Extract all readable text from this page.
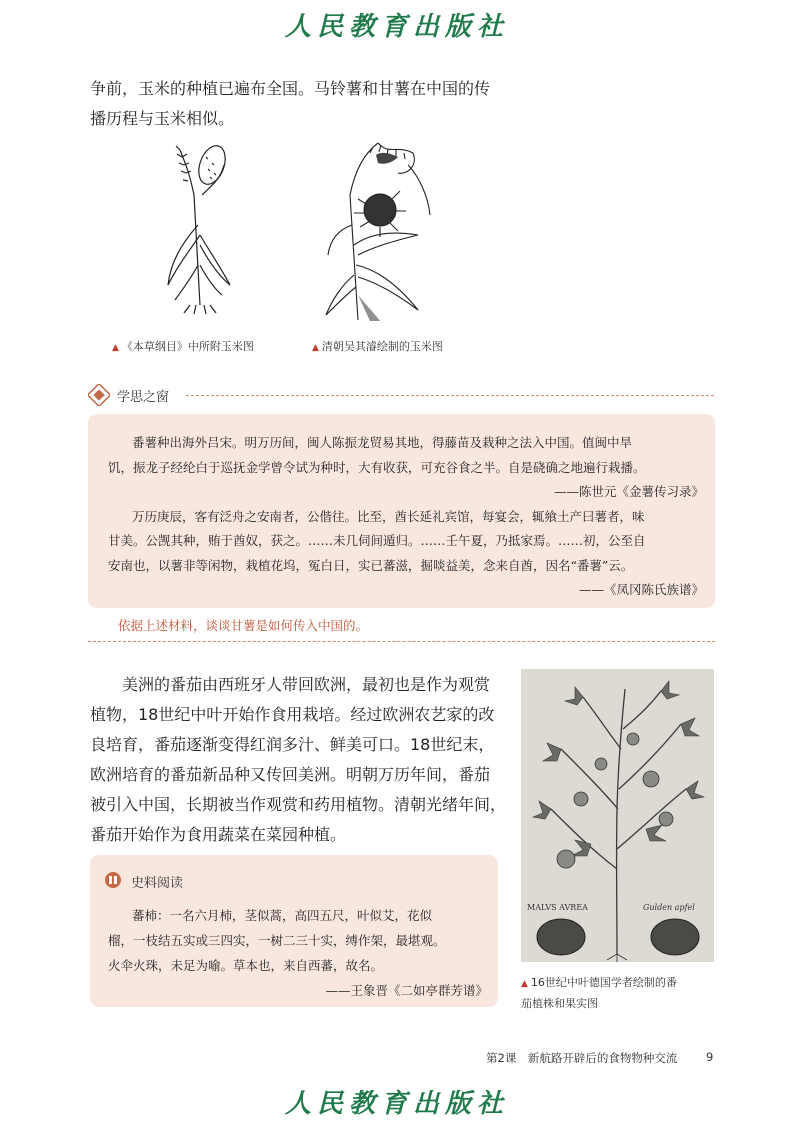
人民教育出版社
争前，玉米的种植已遍布全国。马铃薯和甘薯在中国的传
播历程与玉米相似。
▲ 《本草纲目》中所附玉米图	▲ 清朝吴其濬绘制的玉米图
学思之窗
番薯种出海外吕宋。明万历间，闽人陈振龙贸易其地，得藤苗及栽种之法入中国。值闽中旱
饥，振龙子经纶白于巡抚金学曾令试为种时，大有收获，可充谷食之半。自是硗确之地遍行栽播。
——陈世元《金薯传习录》
万历庚辰，客有泛舟之安南者，公偕往。比至，酋长延礼宾馆，每宴会，辄飨土产曰薯者，味
甘美。公觊其种，贿于酋奴，获之。……未几伺间遁归。……壬午夏，乃抵家焉。……初，公至自
安南也，以薯非等闲物，栽植花坞，冤白日，实已蕃滋，掘啖益美，念来自酋，因名“番薯”云。
——《凤冈陈氏族谱》
依据上述材料，谈谈甘薯是如何传入中国的。
美洲的番茄由西班牙人带回欧洲，最初也是作为观赏
植物，18世纪中叶开始作食用栽培。经过欧洲农艺家的改
良培育，番茄逐渐变得红润多汁、鲜美可口。18世纪末，
欧洲培育的番茄新品种又传回美洲。明朝万历年间，番茄
被引入中国，长期被当作观赏和药用植物。清朝光绪年间，
番茄开始作为食用蔬菜在菜园种植。
史料阅读
蕃柿：一名六月柿，茎似蒿，高四五尺，叶似艾，花似
榴，一枝结五实或三四实，一树二三十实，缚作架，最堪观。
火伞火珠，未足为喻。草本也，来自西蕃，故名。
——王象晋《二如亭群芳谱》
MALVS AVREA	Gulden apfel
▲ 16世纪中叶德国学者绘制的番
茄植株和果实图
第2课　新航路开辟后的食物物种交流 9
人民教育出版社
